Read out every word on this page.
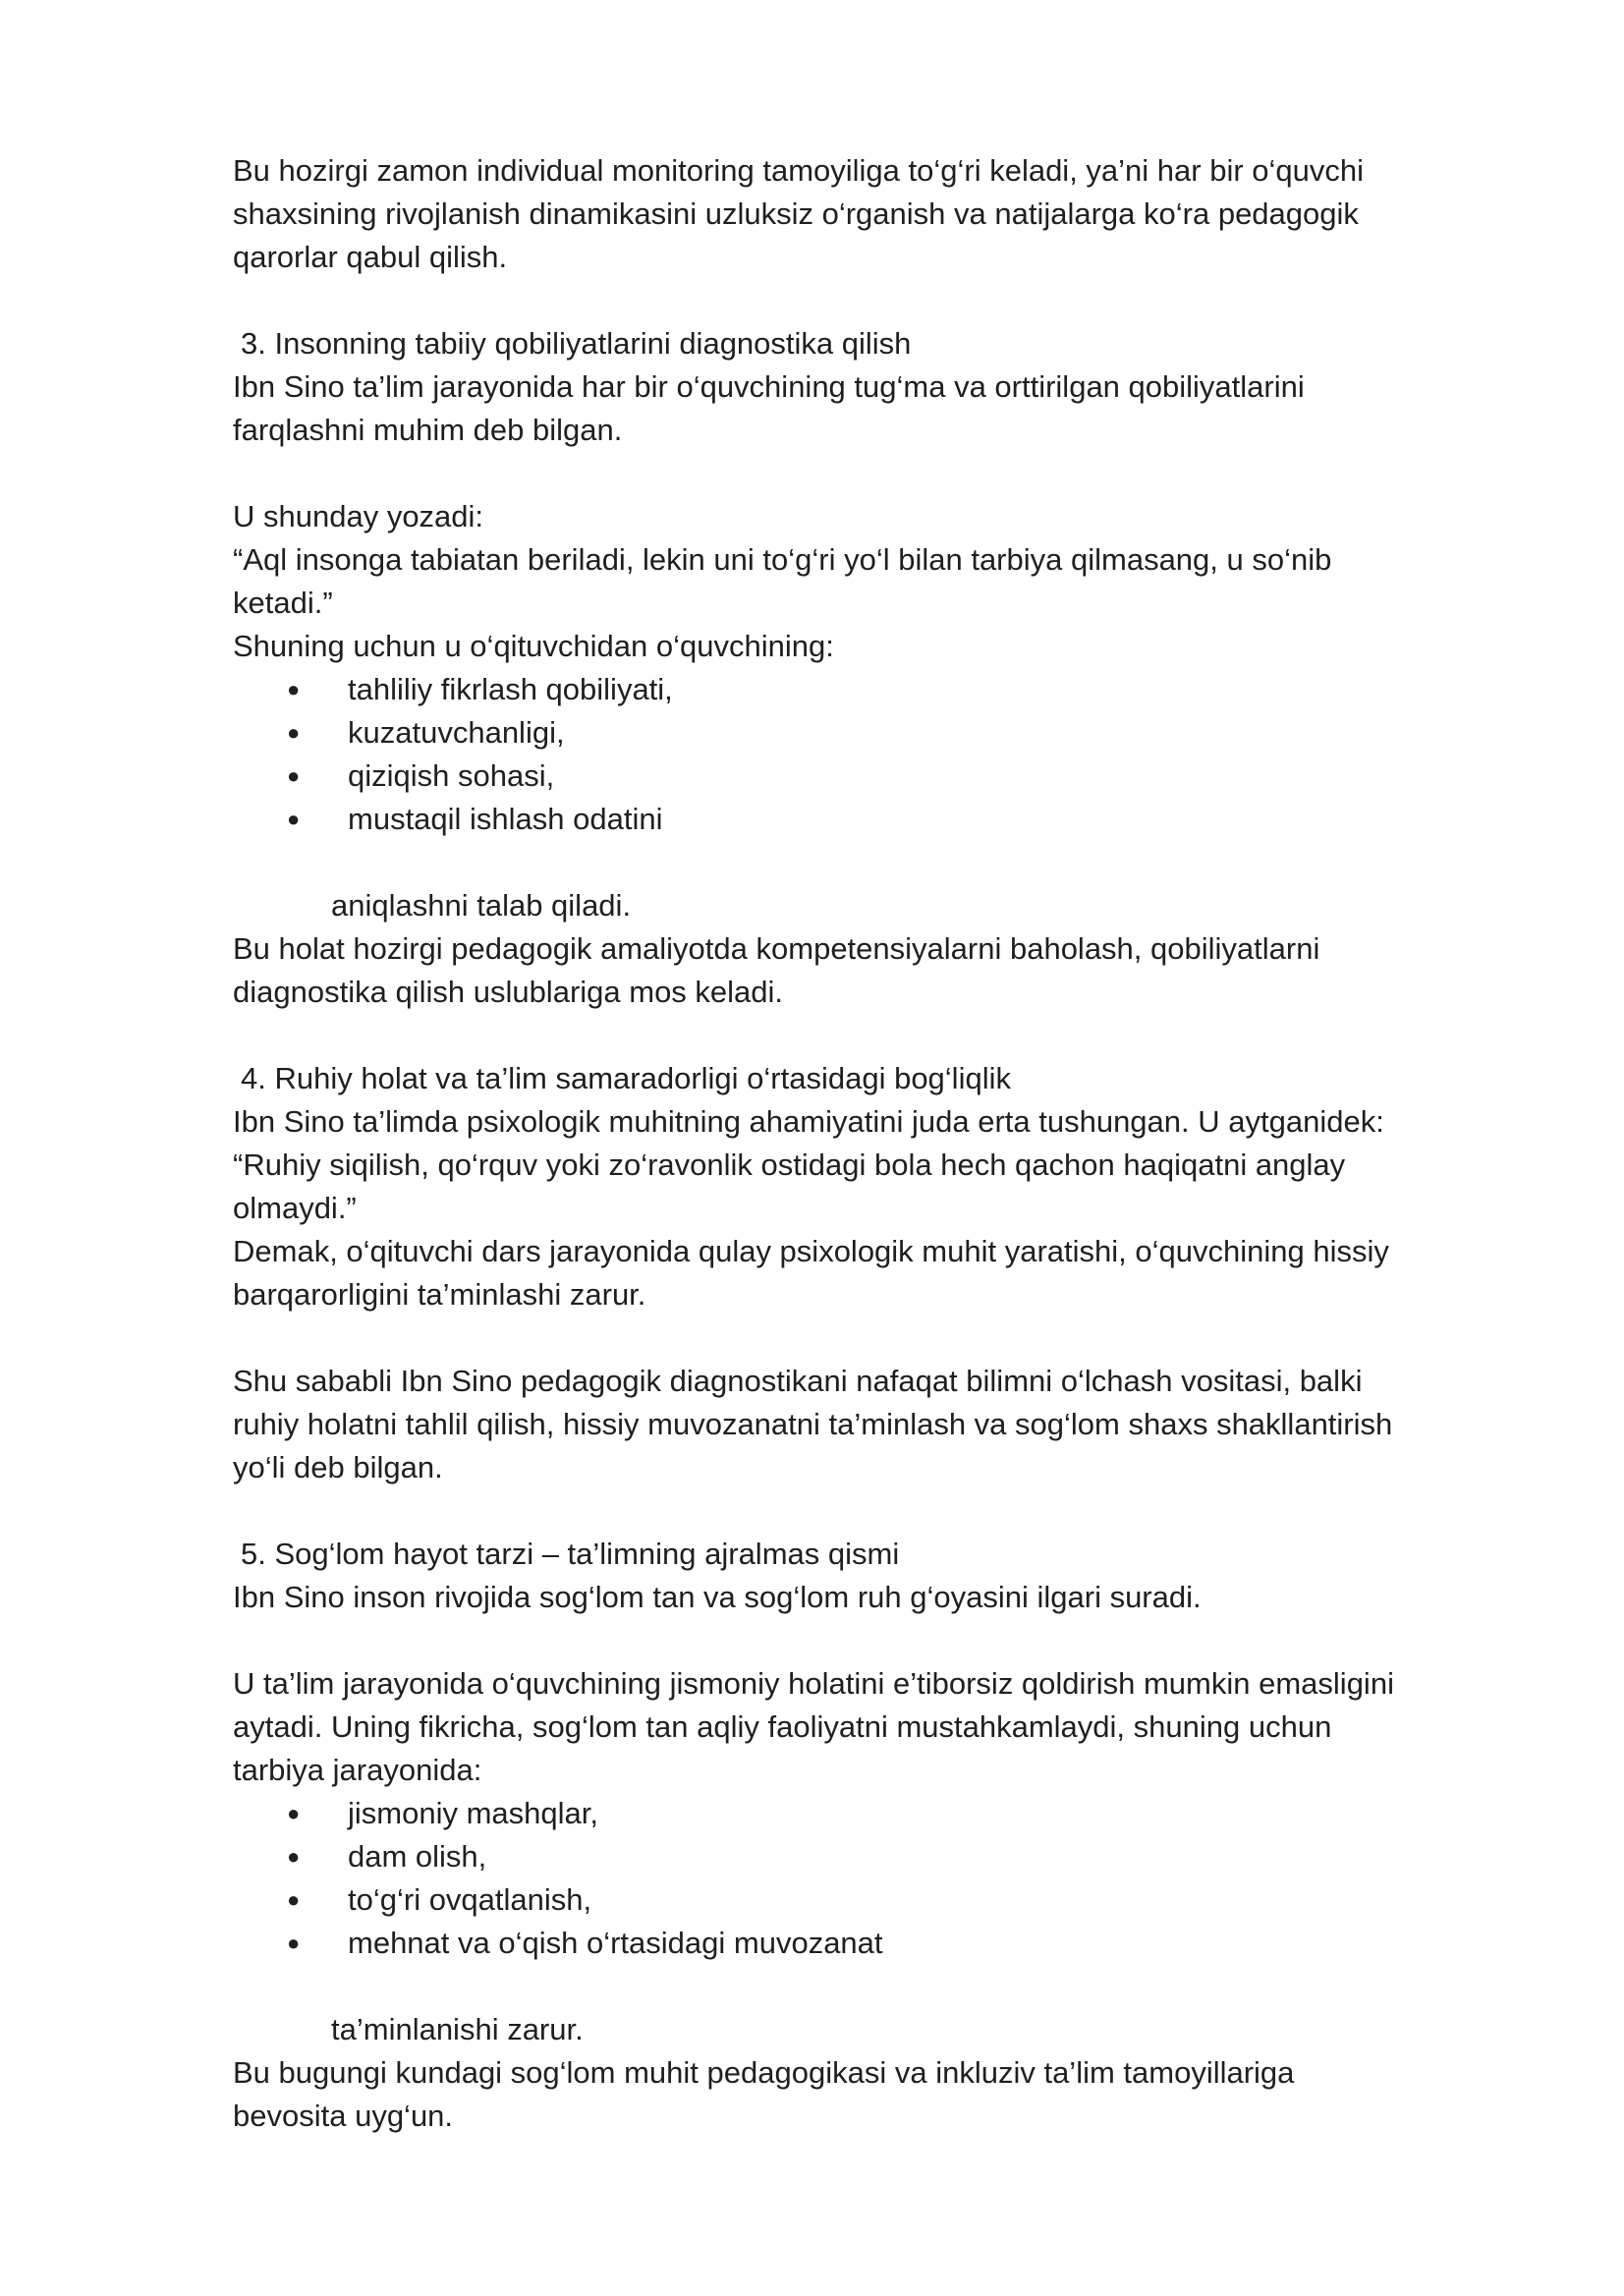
Bu hozirgi zamon individual monitoring tamoyiliga to‘g‘ri keladi, ya’ni har bir o‘quvchi
shaxsining rivojlanish dinamikasini uzluksiz o‘rganish va natijalarga ko‘ra pedagogik
qarorlar qabul qilish.

3. Insonning tabiiy qobiliyatlarini diagnostika qilish

Ibn Sino ta’lim jarayonida har bir o‘quvchining tug‘ma va orttirilgan qobiliyatlarini
farqlashni muhim deb bilgan.

U shunday yozadi:
“Aql insonga tabiatan beriladi, lekin uni to‘g‘ri yo‘l bilan tarbiya qilmasang, u so‘nib
ketadi.”
Shuning uchun u o‘qituvchidan o‘quvchining:

● tahliliy fikrlash qobiliyati,
● kuzatuvchanligi,
● qiziqish sohasi,
● mustaqil ishlash odatini

aniqlashni talab qiladi.

Bu holat hozirgi pedagogik amaliyotda kompetensiyalarni baholash, qobiliyatlarni
diagnostika qilish uslublariga mos keladi.

4. Ruhiy holat va ta’lim samaradorligi o‘rtasidagi bog‘liqlik

Ibn Sino ta’limda psixologik muhitning ahamiyatini juda erta tushungan. U aytganidek:
“Ruhiy siqilish, qo‘rquv yoki zo‘ravonlik ostidagi bola hech qachon haqiqatni anglay
olmaydi.”
Demak, o‘qituvchi dars jarayonida qulay psixologik muhit yaratishi, o‘quvchining hissiy
barqarorligini ta’minlashi zarur.

Shu sababli Ibn Sino pedagogik diagnostikani nafaqat bilimni o‘lchash vositasi, balki
ruhiy holatni tahlil qilish, hissiy muvozanatni ta’minlash va sog‘lom shaxs shakllantirish
yo‘li deb bilgan.

5. Sog‘lom hayot tarzi – ta’limning ajralmas qismi

Ibn Sino inson rivojida sog‘lom tan va sog‘lom ruh g‘oyasini ilgari suradi.

U ta’lim jarayonida o‘quvchining jismoniy holatini e’tiborsiz qoldirish mumkin emasligini
aytadi. Uning fikricha, sog‘lom tan aqliy faoliyatni mustahkamlaydi, shuning uchun
tarbiya jarayonida:

● jismoniy mashqlar,
● dam olish,
● to‘g‘ri ovqatlanish,
● mehnat va o‘qish o‘rtasidagi muvozanat

ta’minlanishi zarur.

Bu bugungi kundagi sog‘lom muhit pedagogikasi va inkluziv ta’lim tamoyillariga
bevosita uyg‘un.
